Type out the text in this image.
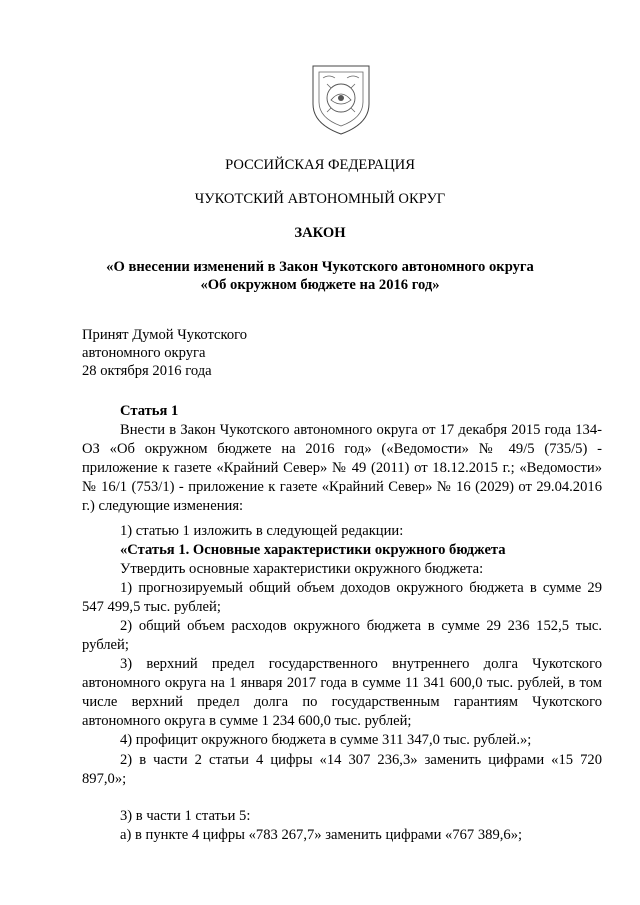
РОССИЙСКАЯ ФЕДЕРАЦИЯ
ЧУКОТСКИЙ АВТОНОМНЫЙ ОКРУГ
ЗАКОН
«О внесении изменений в Закон Чукотского автономного округа
«Об окружном бюджете на 2016 год»
Принят Думой Чукотского
автономного округа
28 октября 2016 года

Статья 1

Внести в Закон Чукотского автономного округа от 17 декабря 2015 года 134-ОЗ «Об окружном бюджете на 2016 год» («Ведомости» № 49/5 (735/5) - приложение к газете «Крайний Север» № 49 (2011) от 18.12.2015 г.; «Ведомости» № 16/1 (753/1) - приложение к газете «Крайний Север» № 16 (2029) от 29.04.2016 г.) следующие изменения:

1) статью 1 изложить в следующей редакции:

«Статья 1. Основные характеристики окружного бюджета

Утвердить основные характеристики окружного бюджета:

1) прогнозируемый общий объем доходов окружного бюджета в сумме 29 547 499,5 тыс. рублей;

2) общий объем расходов окружного бюджета в сумме 29 236 152,5 тыс. рублей;

3) верхний предел государственного внутреннего долга Чукотского автономного округа на 1 января 2017 года в сумме 11 341 600,0 тыс. рублей, в том числе верхний предел долга по государственным гарантиям Чукотского автономного округа в сумме 1 234 600,0 тыс. рублей;

4) профицит окружного бюджета в сумме 311 347,0 тыс. рублей.»;

2) в части 2 статьи 4 цифры «14 307 236,3» заменить цифрами «15 720 897,0»;

3) в части 1 статьи 5:

а) в пункте 4 цифры «783 267,7» заменить цифрами «767 389,6»;
